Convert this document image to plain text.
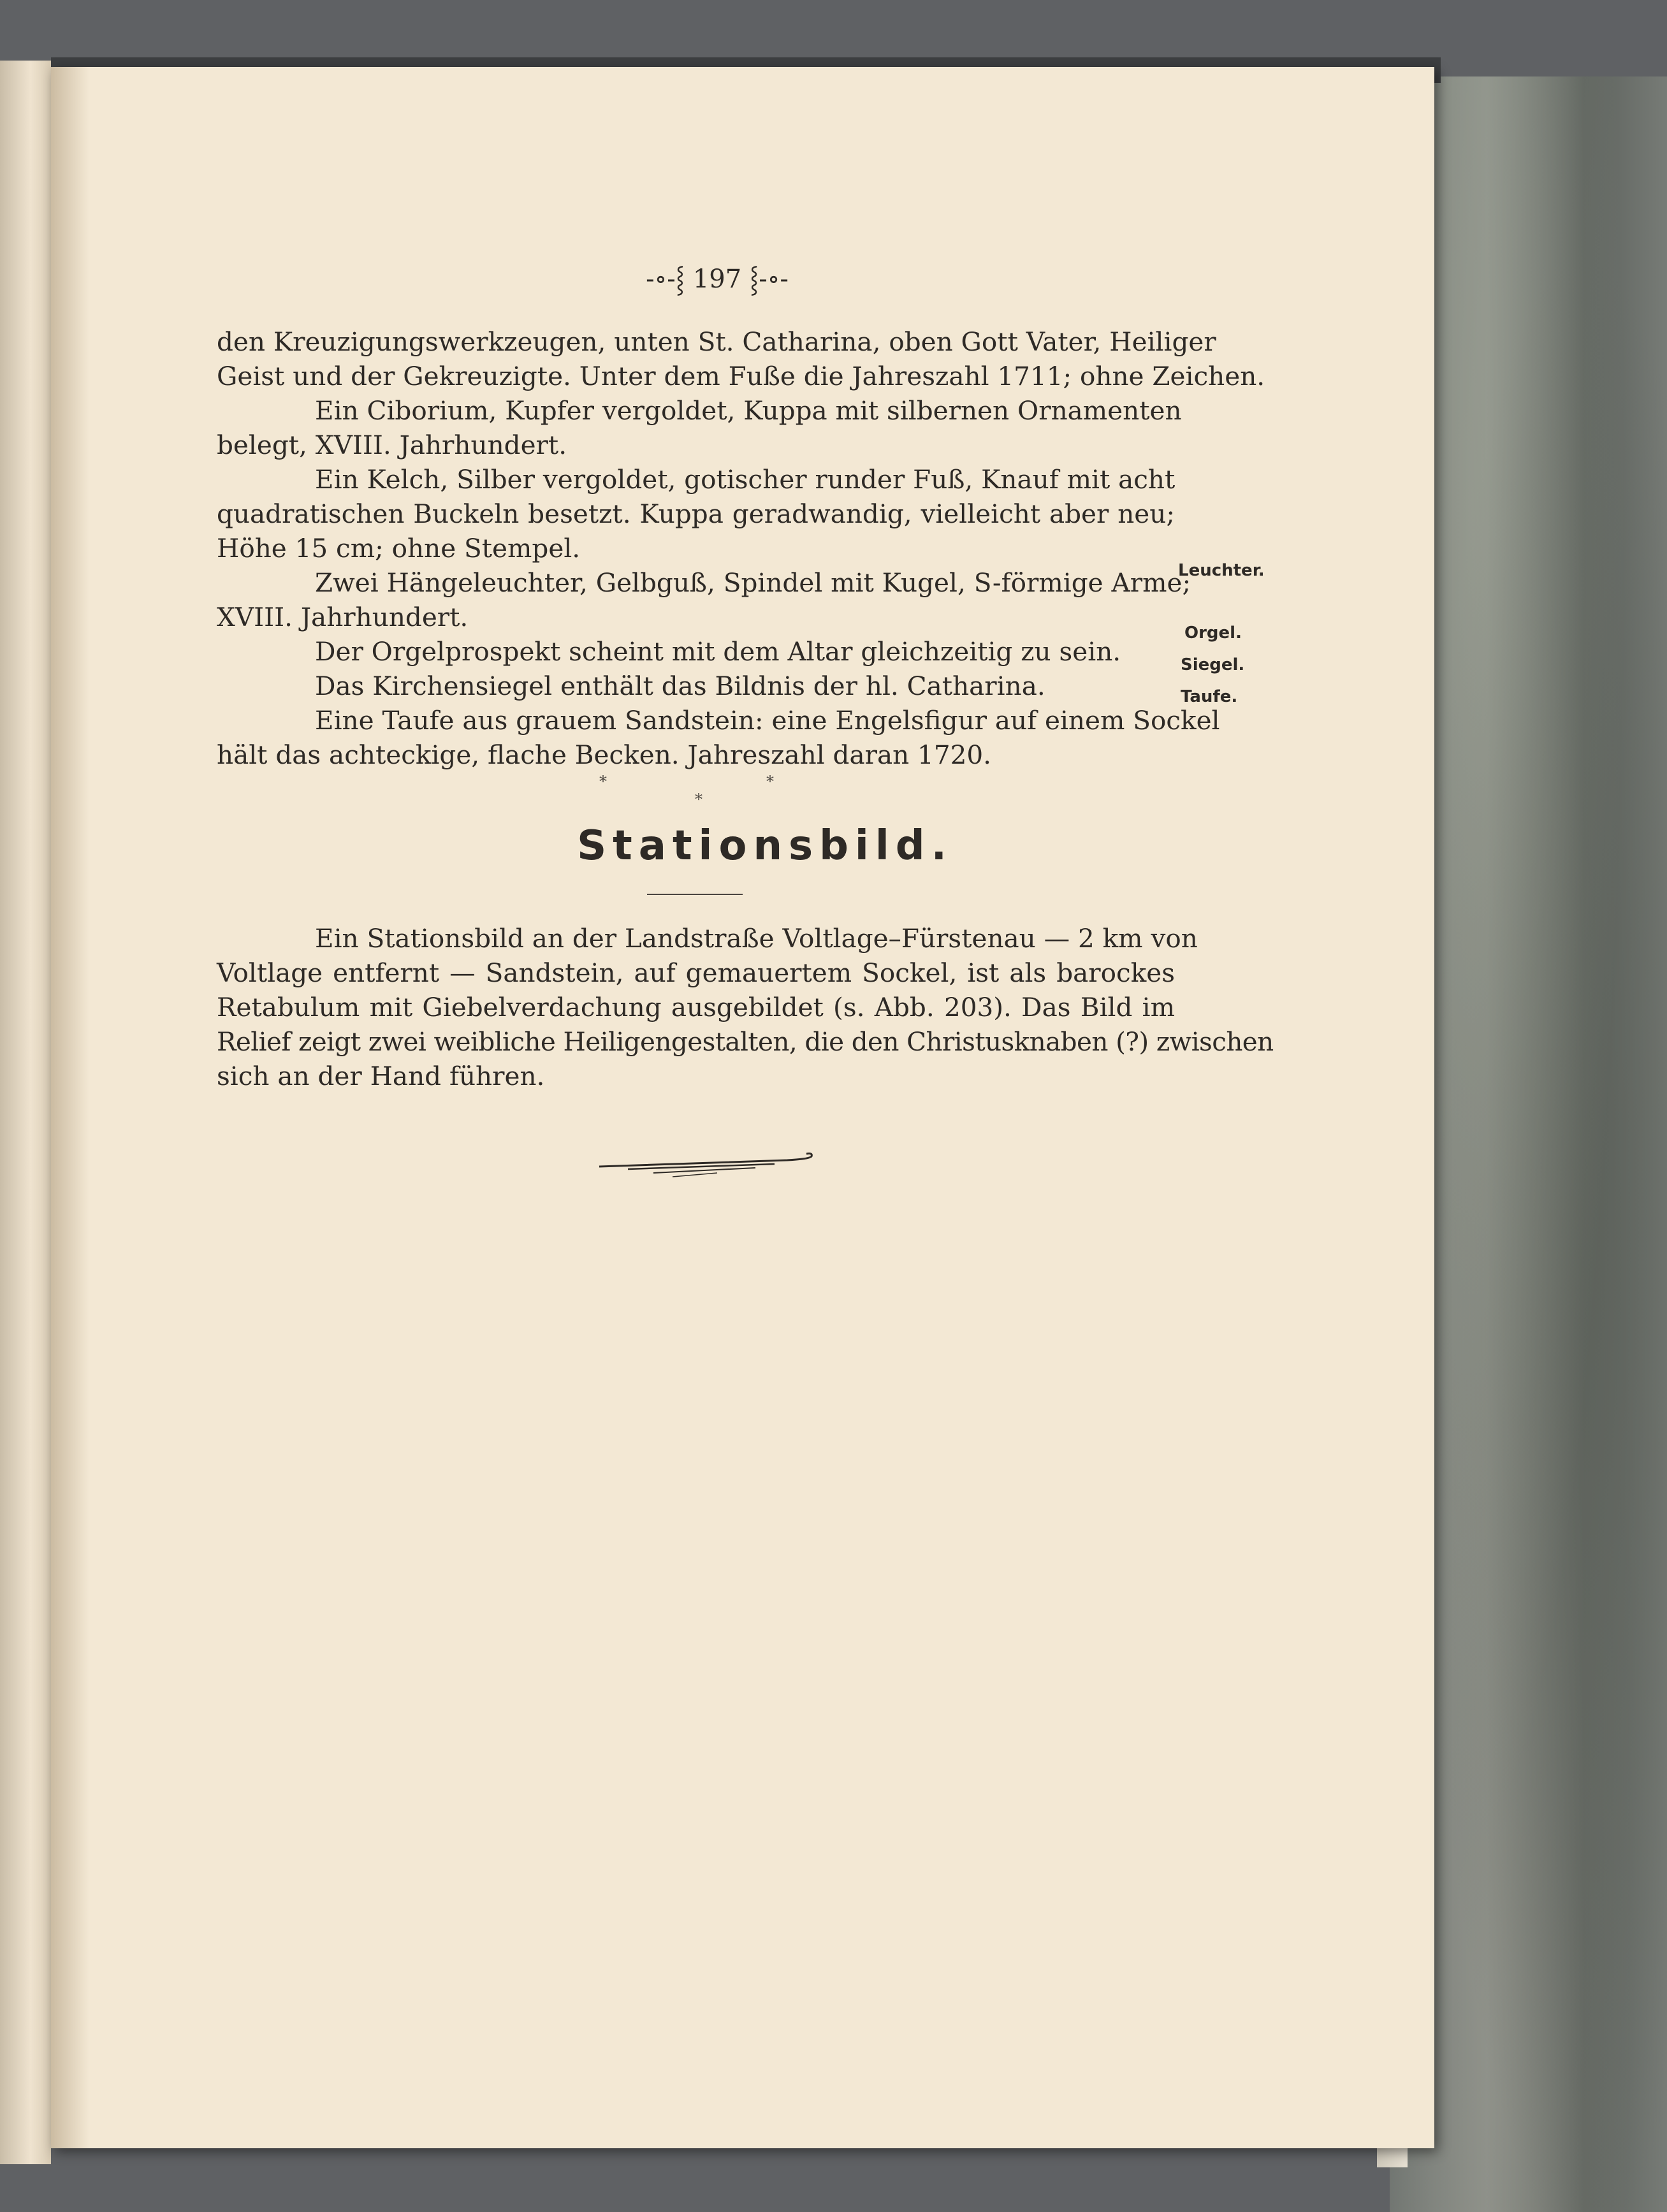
-∘-⸾ 197 ⸾-∘-

den Kreuzigungswerkzeugen, unten St. Catharina, oben Gott Vater, Heiliger

Geist und der Gekreuzigte. Unter dem Fuße die Jahreszahl 1711; ohne Zeichen.

Ein Ciborium, Kupfer vergoldet, Kuppa mit silbernen Ornamenten

belegt, XVIII. Jahrhundert.

Ein Kelch, Silber vergoldet, gotischer runder Fuß, Knauf mit acht

quadratischen Buckeln besetzt. Kuppa geradwandig, vielleicht aber neu;

Höhe 15 cm; ohne Stempel.

Zwei Hängeleuchter, Gelbguß, Spindel mit Kugel, S-förmige Arme;

XVIII. Jahrhundert.

Der Orgelprospekt scheint mit dem Altar gleichzeitig zu sein.

Das Kirchensiegel enthält das Bildnis der hl. Catharina.

Eine Taufe aus grauem Sandstein: eine Engelsfigur auf einem Sockel

hält das achteckige, flache Becken. Jahreszahl daran 1720.

Leuchter.
Orgel.
Siegel.
Taufe.
*	*
*
Stationsbild.

Ein Stationsbild an der Landstraße Voltlage–Fürstenau — 2 km von

Voltlage entfernt — Sandstein, auf gemauertem Sockel, ist als barockes

Retabulum mit Giebelverdachung ausgebildet (s. Abb. 203). Das Bild im

Relief zeigt zwei weibliche Heiligengestalten, die den Christusknaben (?) zwischen

sich an der Hand führen.
